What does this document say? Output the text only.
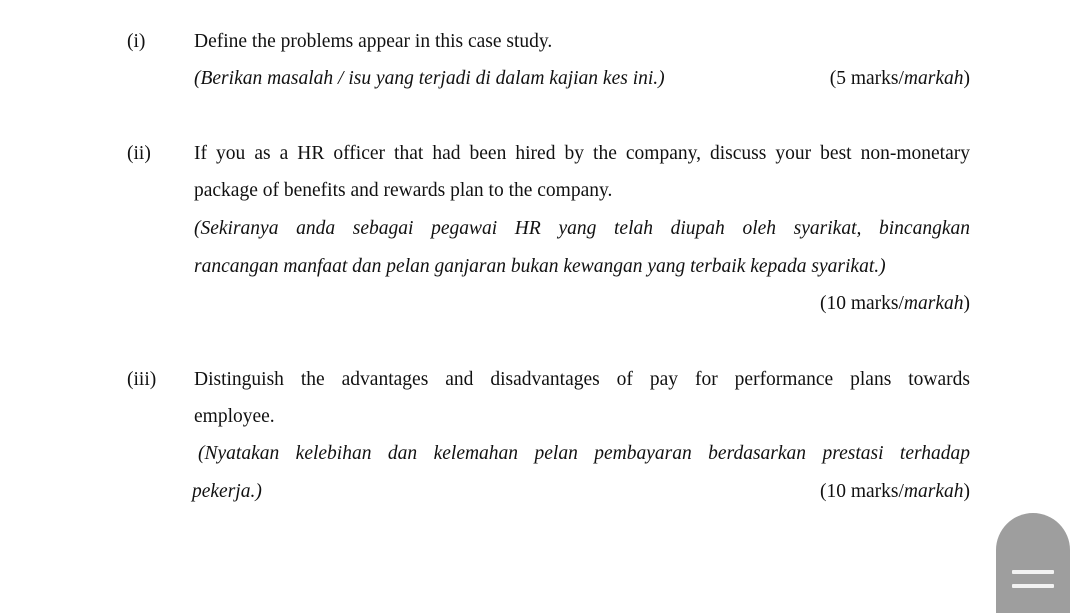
(i) Define the problems appear in this case study.
(Berikan masalah / isu yang terjadi di dalam kajian kes ini.)	(5 marks/markah)
(ii) If you as a HR officer that had been hired by the company, discuss your best non-monetary
package of benefits and rewards plan to the company.
(Sekiranya anda sebagai pegawai HR yang telah diupah oleh syarikat, bincangkan
rancangan manfaat dan pelan ganjaran bukan kewangan yang terbaik kepada syarikat.)
(10 marks/markah)
(iii) Distinguish the advantages and disadvantages of pay for performance plans towards
employee.
(Nyatakan kelebihan dan kelemahan pelan pembayaran berdasarkan prestasi terhadap
pekerja.)	(10 marks/markah)
